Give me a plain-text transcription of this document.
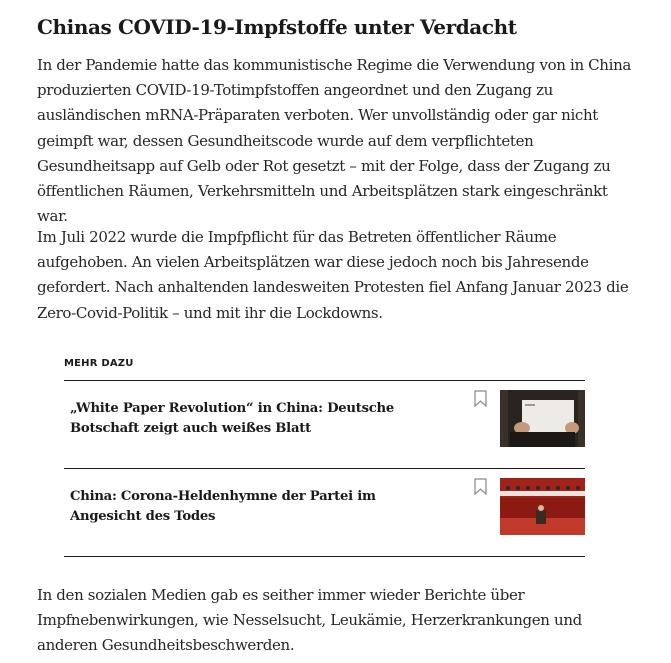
Chinas COVID-19-Impfstoffe unter Verdacht

In der Pandemie hatte das kommunistische Regime die Verwendung von in China produzierten COVID-19-Totimpfstoffen angeordnet und den Zugang zu ausländischen mRNA-Präparaten verboten. Wer unvollständig oder gar nicht geimpft war, dessen Gesundheitscode wurde auf dem verpflichteten Gesundheitsapp auf Gelb oder Rot gesetzt – mit der Folge, dass der Zugang zu öffentlichen Räumen, Verkehrsmitteln und Arbeitsplätzen stark eingeschränkt war.

Im Juli 2022 wurde die Impfpflicht für das Betreten öffentlicher Räume aufgehoben. An vielen Arbeitsplätzen war diese jedoch noch bis Jahresende gefordert. Nach anhaltenden landesweiten Protesten fiel Anfang Januar 2023 die Zero-Covid-Politik – und mit ihr die Lockdowns.

In den sozialen Medien gab es seither immer wieder Berichte über Impfnebenwirkungen, wie Nesselsucht, Leukämie, Herzerkrankungen und anderen Gesundheitsbeschwerden.

MEHR DAZU
„White Paper Revolution“ in China: Deutsche Botschaft zeigt auch weißes Blatt
China: Corona-Heldenhymne der Partei im Angesicht des Todes
